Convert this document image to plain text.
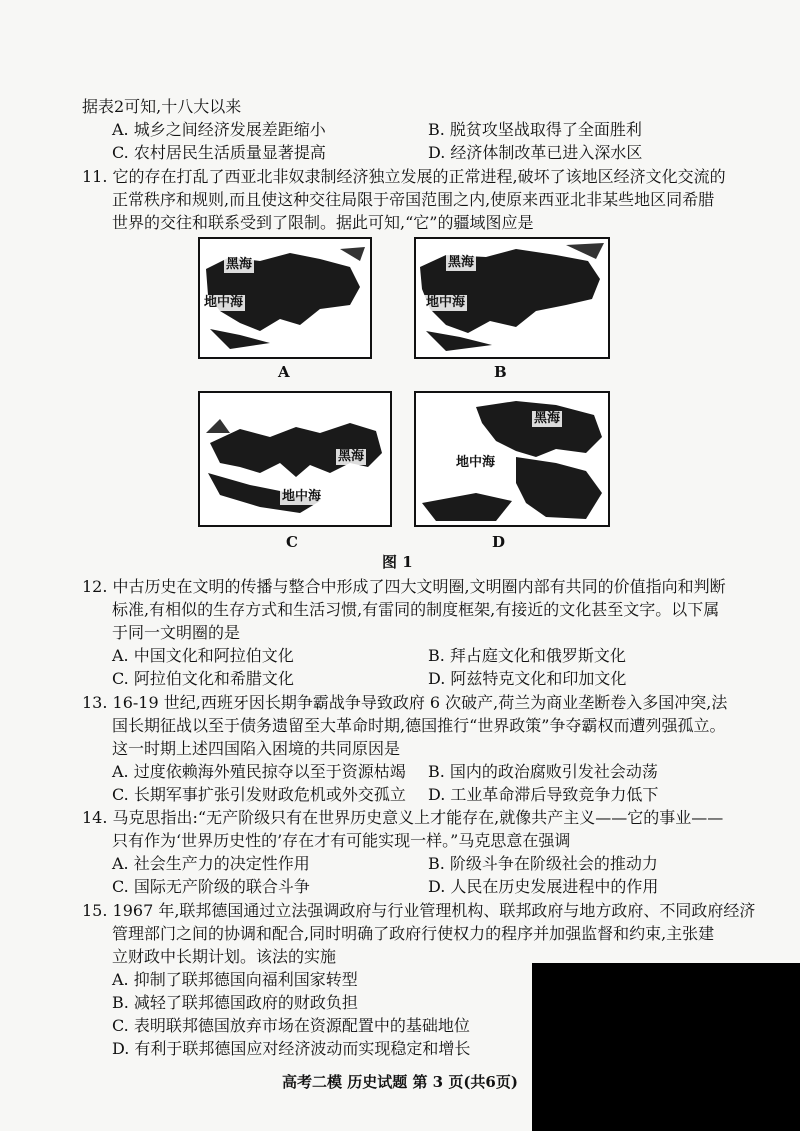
据表2可知,十八大以来
A. 城乡之间经济发展差距缩小	B. 脱贫攻坚战取得了全面胜利
C. 农村居民生活质量显著提高	D. 经济体制改革已进入深水区
11. 它的存在打乱了西亚北非奴隶制经济独立发展的正常进程,破坏了该地区经济文化交流的
正常秩序和规则,而且使这种交往局限于帝国范围之内,使原来西亚北非某些地区同希腊
世界的交往和联系受到了限制。据此可知,“它”的疆域图应是
黑海
地中海
A
黑海
地中海
B
黑海
地中海
C
黑海
地中海
D
图 1
12. 中古历史在文明的传播与整合中形成了四大文明圈,文明圈内部有共同的价值指向和判断
标准,有相似的生存方式和生活习惯,有雷同的制度框架,有接近的文化甚至文字。以下属
于同一文明圈的是
A. 中国文化和阿拉伯文化	B. 拜占庭文化和俄罗斯文化
C. 阿拉伯文化和希腊文化	D. 阿兹特克文化和印加文化
13. 16-19 世纪,西班牙因长期争霸战争导致政府 6 次破产,荷兰为商业垄断卷入多国冲突,法
国长期征战以至于债务遗留至大革命时期,德国推行“世界政策”争夺霸权而遭列强孤立。
这一时期上述四国陷入困境的共同原因是
A. 过度依赖海外殖民掠夺以至于资源枯竭 B. 国内的政治腐败引发社会动荡
C. 长期军事扩张引发财政危机或外交孤立 D. 工业革命滞后导致竞争力低下
14. 马克思指出:“无产阶级只有在世界历史意义上才能存在,就像共产主义——它的事业——
只有作为‘世界历史性的’存在才有可能实现一样。”马克思意在强调
A. 社会生产力的决定性作用	B. 阶级斗争在阶级社会的推动力
C. 国际无产阶级的联合斗争	D. 人民在历史发展进程中的作用
15. 1967 年,联邦德国通过立法强调政府与行业管理机构、联邦政府与地方政府、不同政府经济
管理部门之间的协调和配合,同时明确了政府行使权力的程序并加强监督和约束,主张建
立财政中长期计划。该法的实施
A. 抑制了联邦德国向福利国家转型
B. 减轻了联邦德国政府的财政负担
C. 表明联邦德国放弃市场在资源配置中的基础地位
D. 有利于联邦德国应对经济波动而实现稳定和增长
高考二模 历史试题 第 3 页(共6页)
